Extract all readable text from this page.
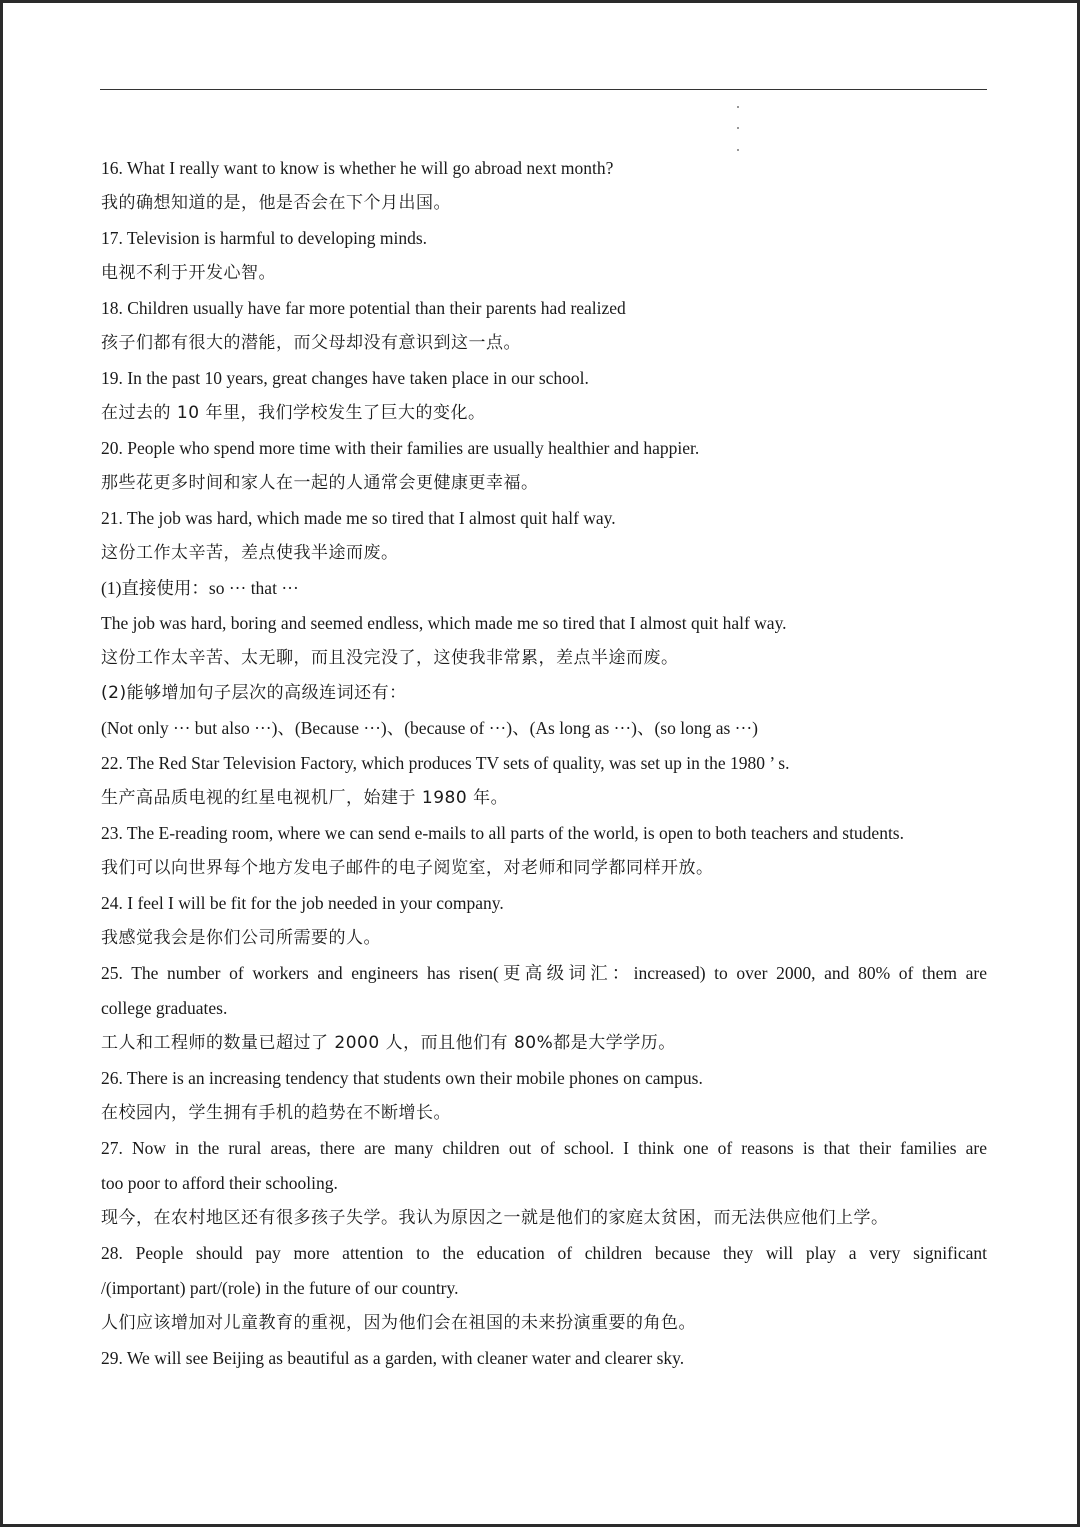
16. What I really want to know is whether he will go abroad next month?
我的确想知道的是，他是否会在下个月出国。
17. Television is harmful to developing minds.
电视不利于开发心智。
18. Children usually have far more potential than their parents had realized
孩子们都有很大的潜能，而父母却没有意识到这一点。
19. In the past 10 years, great changes have taken place in our school.
在过去的 10 年里，我们学校发生了巨大的变化。
20. People who spend more time with their families are usually healthier and happier.
那些花更多时间和家人在一起的人通常会更健康更幸福。
21. The job was hard, which made me so tired that I almost quit half way.
这份工作太辛苦，差点使我半途而废。
(1)直接使用：so ··· that ···
The job was hard, boring and seemed endless, which made me so tired that I almost quit half way.
这份工作太辛苦、太无聊，而且没完没了，这使我非常累，差点半途而废。
(2)能够增加句子层次的高级连词还有：
(Not only ··· but also ···)、(Because ···)、(because of ···)、(As long as ···)、(so long as ···)
22. The Red Star Television Factory, which produces TV sets of quality, was set up in the 1980 ’ s.
生产高品质电视的红星电视机厂，始建于 1980 年。
23. The E-reading room, where we can send e-mails to all parts of the world, is open to both teachers and students.
我们可以向世界每个地方发电子邮件的电子阅览室，对老师和同学都同样开放。
24. I feel I will be fit for the job needed in your company.
我感觉我会是你们公司所需要的人。
25. The number of workers and engineers has risen(更高级词汇：increased) to over 2000, and 80% of them are
college graduates.
工人和工程师的数量已超过了 2000 人，而且他们有 80%都是大学学历。
26. There is an increasing tendency that students own their mobile phones on campus.
在校园内，学生拥有手机的趋势在不断增长。
27. Now in the rural areas, there are many children out of school. I think one of reasons is that their families are
too poor to afford their schooling.
现今，在农村地区还有很多孩子失学。我认为原因之一就是他们的家庭太贫困，而无法供应他们上学。
28. People should pay more attention to the education of children because they will play a very significant
/(important) part/(role) in the future of our country.
人们应该增加对儿童教育的重视，因为他们会在祖国的未来扮演重要的角色。
29. We will see Beijing as beautiful as a garden, with cleaner water and clearer sky.
